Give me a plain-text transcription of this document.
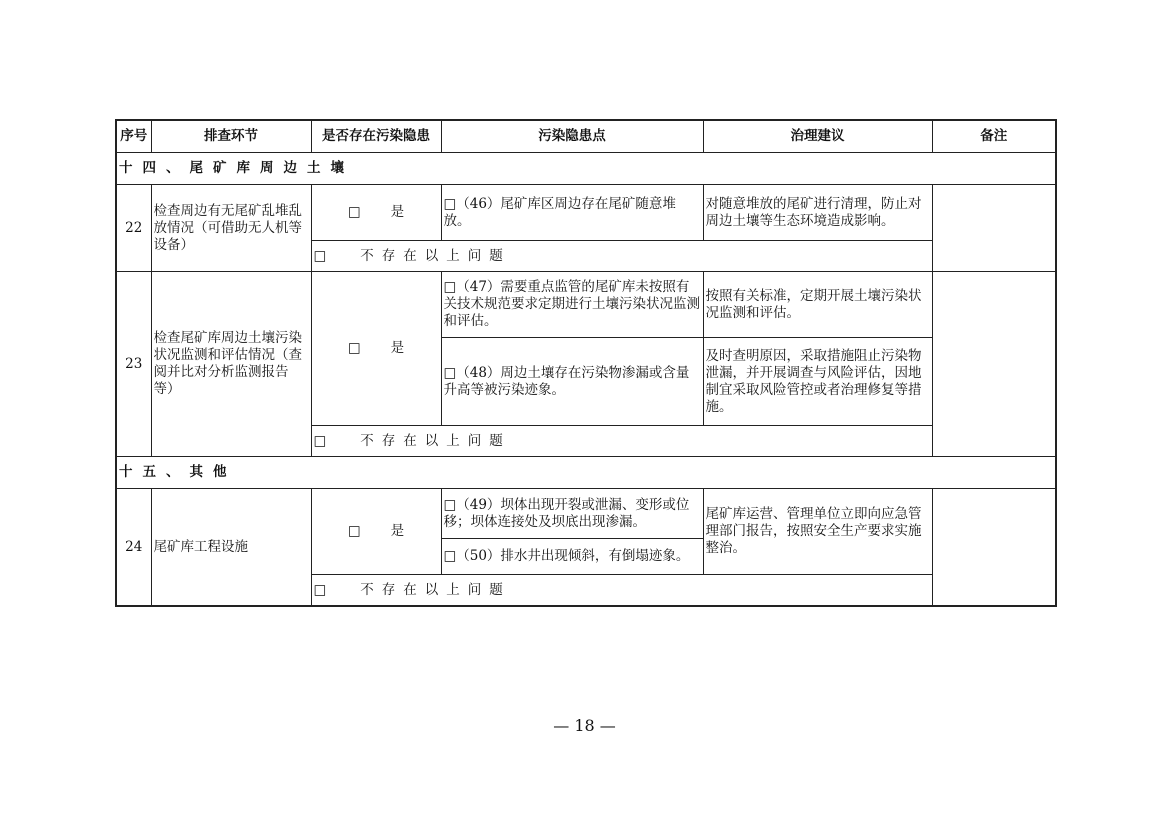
序号	排查环节	是否存在污染隐患	污染隐患点	治理建议	备注
十四、尾矿库周边土壤					
22	检查周边有无尾矿乱堆乱放情况（可借助无人机等设备）	□ 是	□（46）尾矿库区周边存在尾矿随意堆放。	对随意堆放的尾矿进行清理，防止对周边土壤等生态环境造成影响。	
		□ 不存在以上问题			
23	检查尾矿库周边土壤污染状况监测和评估情况（查阅并比对分析监测报告等）	□ 是	□（47）需要重点监管的尾矿库未按照有关技术规范要求定期进行土壤污染状况监测和评估。	按照有关标准，定期开展土壤污染状况监测和评估。	
			□（48）周边土壤存在污染物渗漏或含量升高等被污染迹象。	及时查明原因，采取措施阻止污染物泄漏，并开展调查与风险评估，因地制宜采取风险管控或者治理修复等措施。	
		□ 不存在以上问题			
十五、其他					
24	尾矿库工程设施	□ 是	□（49）坝体出现开裂或泄漏、变形或位移；坝体连接处及坝底出现渗漏。	尾矿库运营、管理单位立即向应急管理部门报告，按照安全生产要求实施整治。	
			□（50）排水井出现倾斜，有倒塌迹象。		
		□ 不存在以上问题			
— 18 —
